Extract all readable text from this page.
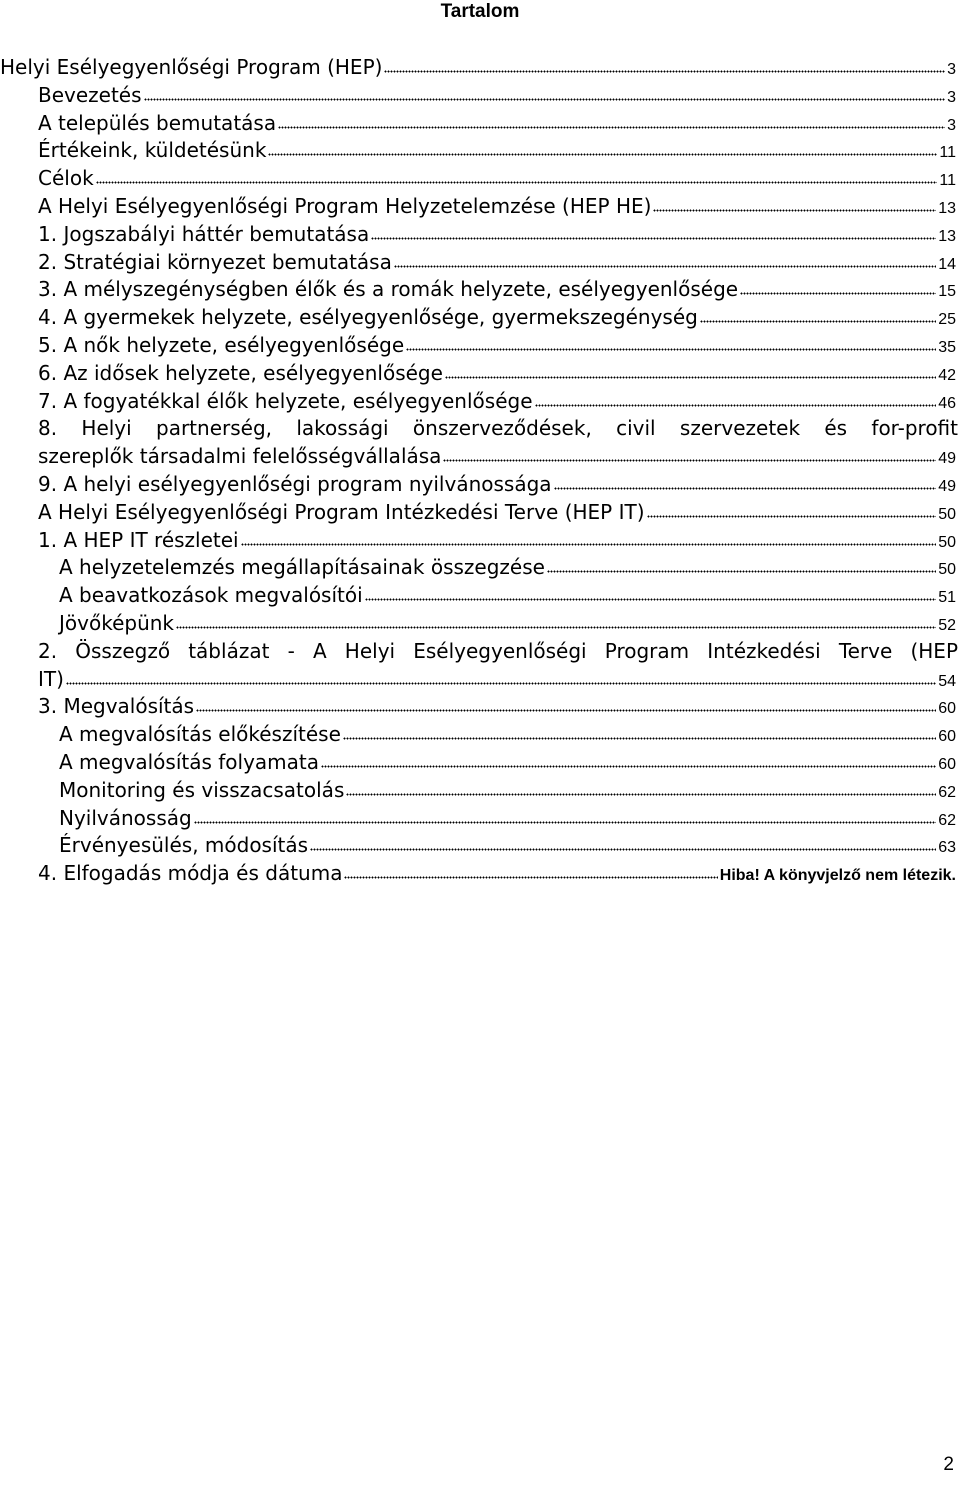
Tartalom
Helyi Esélyegyenlőségi Program (HEP)	3
Bevezetés	3
A település bemutatása	3
Értékeink, küldetésünk	11
Célok	11
A Helyi Esélyegyenlőségi Program Helyzetelemzése (HEP HE)	13
1. Jogszabályi háttér bemutatása	13
2. Stratégiai környezet bemutatása	14
3. A mélyszegénységben élők és a romák helyzete, esélyegyenlősége	15
4. A gyermekek helyzete, esélyegyenlősége, gyermekszegénység	25
5. A nők helyzete, esélyegyenlősége	35
6. Az idősek helyzete, esélyegyenlősége	42
7. A fogyatékkal élők helyzete, esélyegyenlősége	46
8. Helyi partnerség, lakossági önszerveződések, civil szervezetek és for-profit
szereplők társadalmi felelősségvállalása	49
9. A helyi esélyegyenlőségi program nyilvánossága	49
A Helyi Esélyegyenlőségi Program Intézkedési Terve (HEP IT)	50
1. A HEP IT részletei	50
A helyzetelemzés megállapításainak összegzése	50
A beavatkozások megvalósítói	51
Jövőképünk	52
2. Összegző táblázat - A Helyi Esélyegyenlőségi Program Intézkedési Terve (HEP
IT)	54
3. Megvalósítás	60
A megvalósítás előkészítése	60
A megvalósítás folyamata	60
Monitoring és visszacsatolás	62
Nyilvánosság	62
Érvényesülés, módosítás	63
4. Elfogadás módja és dátuma	Hiba! A könyvjelző nem létezik.
2
